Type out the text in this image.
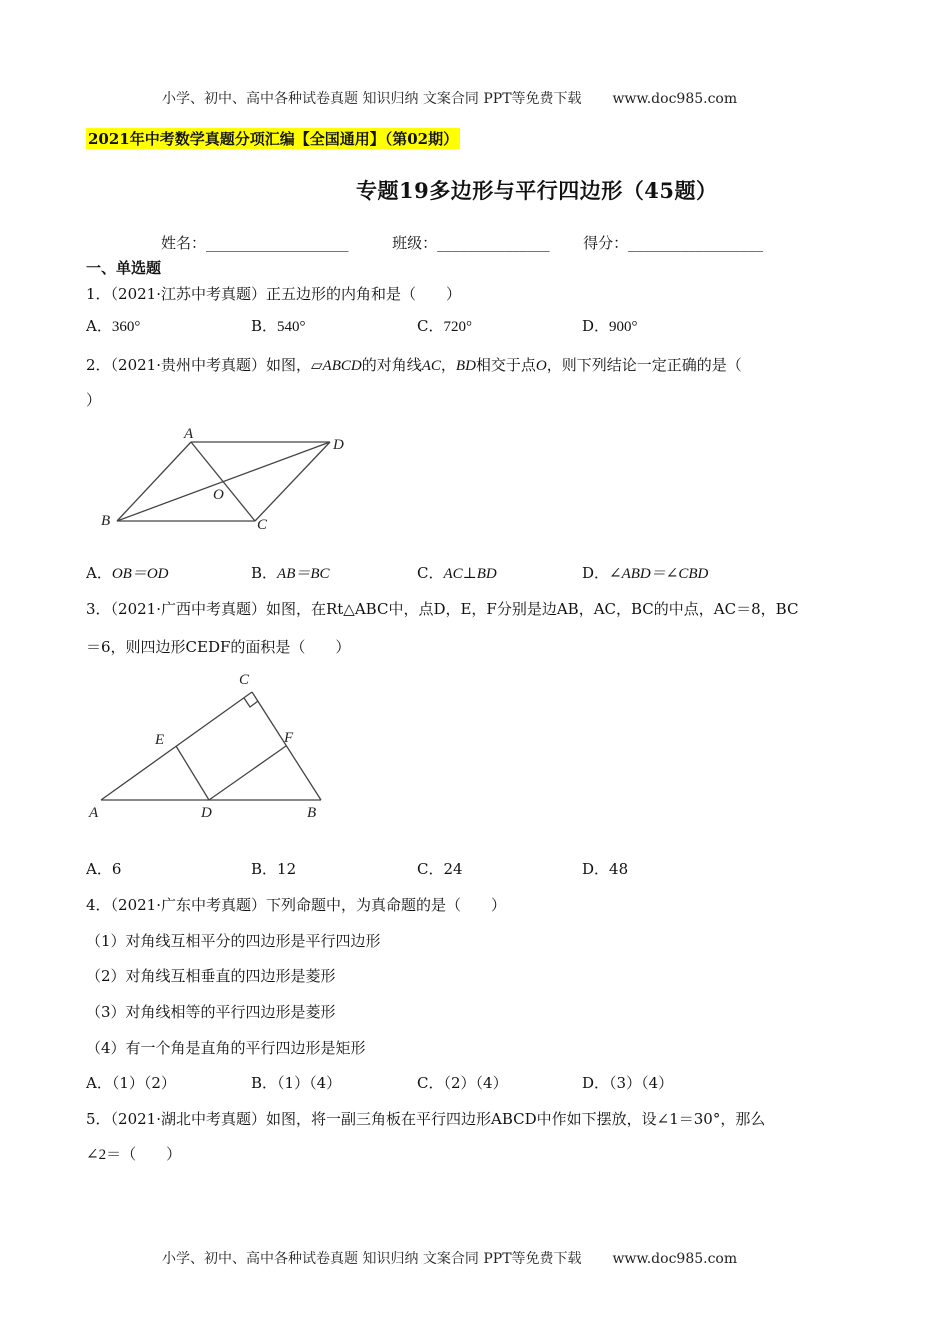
小学、初中、高中各种试卷真题 知识归纳 文案合同 PPT等免费下载 www.doc985.com
2021年中考数学真题分项汇编【全国通用】（第02期）
专题19多边形与平行四边形（45题）
姓名：___________________	班级：_______________ 得分：__________________
一、单选题
1．（2021·江苏中考真题）正五边形的内角和是（　　）
A．360°	B．540°	C．720°	D．900°
2．（2021·贵州中考真题）如图，▱ABCD的对角线AC，BD相交于点O，则下列结论一定正确的是（
）
A
D
O
B	C
A．OB＝OD	B．AB＝BC	C．AC⊥BD	D．∠ABD＝∠CBD
3．（2021·广西中考真题）如图，在Rt△ABC中，点D，E，F分别是边AB，AC，BC的中点，AC＝8，BC
＝6，则四边形CEDF的面积是（　　）
C
E	F
A	D	B
A．6	B．12	C．24	D．48
4．（2021·广东中考真题）下列命题中，为真命题的是（　　）
（1）对角线互相平分的四边形是平行四边形
（2）对角线互相垂直的四边形是菱形
（3）对角线相等的平行四边形是菱形
（4）有一个角是直角的平行四边形是矩形
A．（1）（2）	B．（1）（4）	C．（2）（4）	D．（3）（4）
5．（2021·湖北中考真题）如图，将一副三角板在平行四边形ABCD中作如下摆放，设∠1＝30°，那么
∠2＝（　　）
小学、初中、高中各种试卷真题 知识归纳 文案合同 PPT等免费下载 www.doc985.com
